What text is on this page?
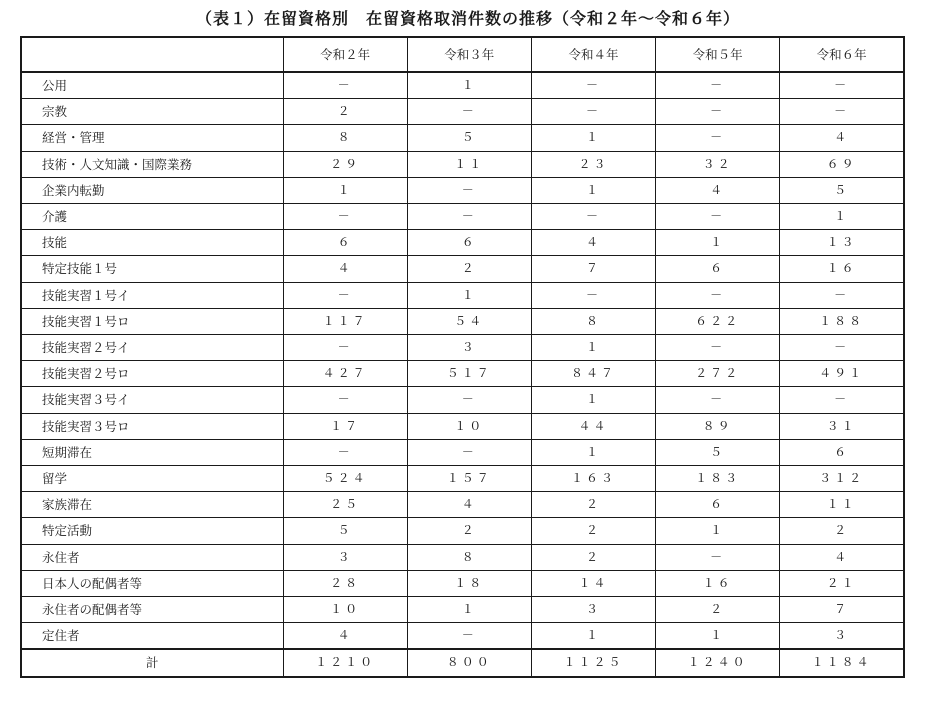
（表１）在留資格別　在留資格取消件数の推移（令和２年～令和６年）
	令和２年	令和３年	令和４年	令和５年	令和６年
公用	－	１	－	－	－
宗教	２	－	－	－	－
経営・管理	８	５	１	－	４
技術・人文知識・国際業務	２９	１１	２３	３２	６９
企業内転勤	１	－	１	４	５
介護	－	－	－	－	１
技能	６	６	４	１	１３
特定技能１号	４	２	７	６	１６
技能実習１号イ	－	１	－	－	－
技能実習１号ロ	１１７	５４	８	６２２	１８８
技能実習２号イ	－	３	１	－	－
技能実習２号ロ	４２７	５１７	８４７	２７２	４９１
技能実習３号イ	－	－	１	－	－
技能実習３号ロ	１７	１０	４４	８９	３１
短期滞在	－	－	１	５	６
留学	５２４	１５７	１６３	１８３	３１２
家族滞在	２５	４	２	６	１１
特定活動	５	２	２	１	２
永住者	３	８	２	－	４
日本人の配偶者等	２８	１８	１４	１６	２１
永住者の配偶者等	１０	１	３	２	７
定住者	４	－	１	１	３
計	１２１０	８００	１１２５	１２４０	１１８４
